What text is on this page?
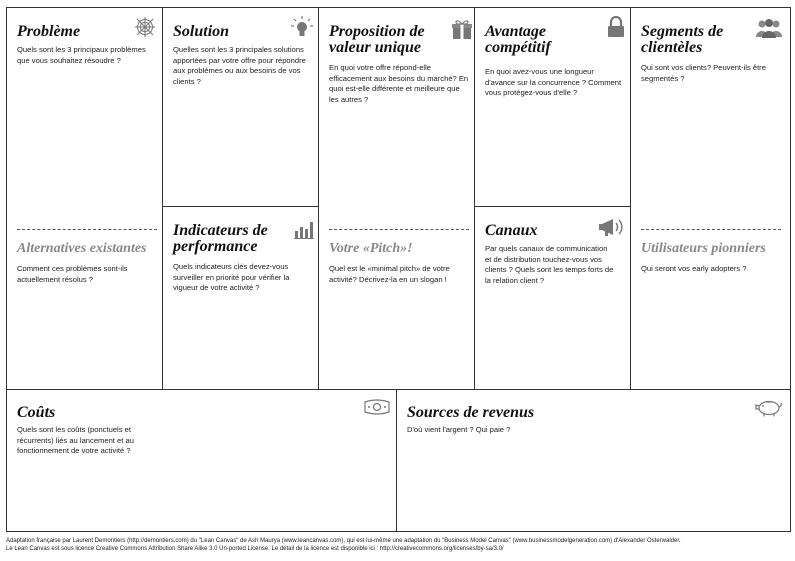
Problème
Quels sont les 3 principaux problèmes que vous souhaitez résoudre ?
Alternatives existantes
Comment ces problèmes sont-ils actuellement résolus ?
Solution
Quelles sont les 3 principales solutions apportées par votre offre pour répondre aux problèmes ou aux besoins de vos clients ?
Indicateurs de performance
Quels indicateurs clés devez-vous surveiller en priorité pour vérifier la vigueur de votre activité ?
Proposition de valeur unique
En quoi votre offre répond-elle efficacement aux besoins du marché? En quoi est-elle différente et meilleure que les autres ?
Votre «Pitch»!
Quel est le «minimal pitch» de votre activité? Décrivez-la en un slogan !
Avantage compétitif
En quoi avez-vous une longueur d'avance sur la concurrence ? Comment vous protégez-vous d'elle ?
Canaux
Par quels canaux de communication et de distribution touchez-vous vos clients ? Quels sont les temps forts de la relation client ?
Segments de clientèles
Qui sont vos clients? Peuvent-ils être segmentés ?
Utilisateurs pionniers
Qui seront vos early adopters ?
Coûts
Quels sont les coûts (ponctuels et récurrents) liés au lancement et au fonctionnement de votre activité ?
Sources de revenus
D'où vient l'argent ? Qui paie ?
Adaptation française par Laurent Demontiers (http://demontiers.com) du "Lean Canvas" de Ash Maurya (www.leancanvas.com), qui est lui-même une adaptation du "Business Model Canvas" (www.businessmodelgeneration.com) d'Alexander Osterwalder.
Le Lean Canvas est sous licence Creative Commons Attribution Share Alike 3.0 Un-ported License. Le détail de la licence est disponible ici : http://creativecommons.org/licenses/by-sa/3.0/
